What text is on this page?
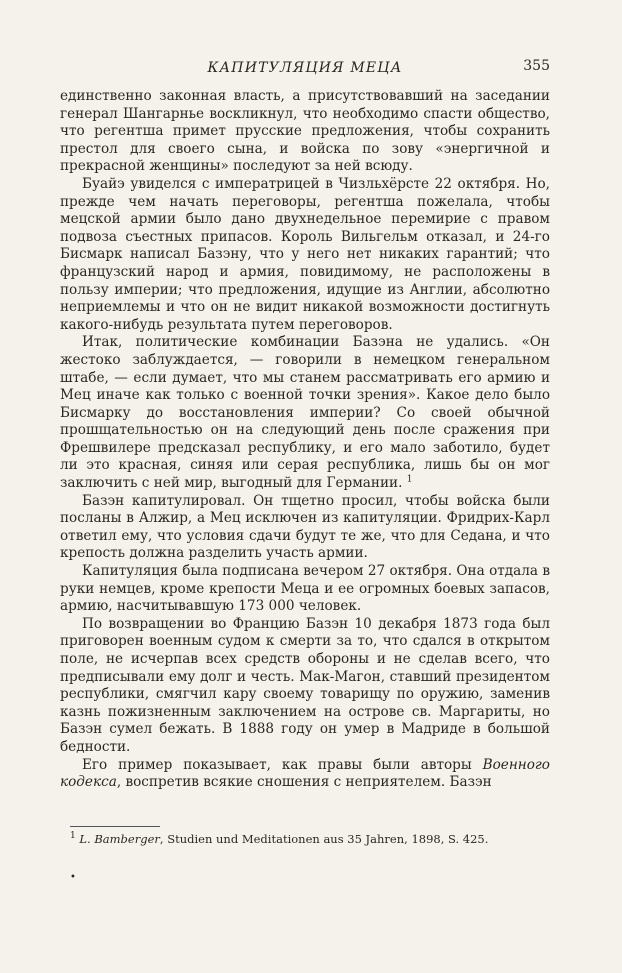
КАПИТУЛЯЦИЯ МЕЦА	355

единственно законная власть, а присутствовавший на заседании генерал Шангарнье воскликнул, что необходимо спасти общество, что регентша примет прусские предложения, чтобы сохранить престол для своего сына, и войска по зову «энергичной и прекрасной женщины» последуют за ней всюду.

Буайэ увиделся с императрицей в Чизльхёрсте 22 октября. Но, прежде чем начать переговоры, регентша пожелала, чтобы мецской армии было дано двухнедельное перемирие с правом подвоза съестных припасов. Король Вильгельм отказал, и 24-го Бисмарк написал Базэну, что у него нет никаких гарантий; что французский народ и армия, повидимому, не расположены в пользу империи; что предложения, идущие из Англии, абсолютно неприемлемы и что он не видит никакой возможности достигнуть какого-нибудь результата путем переговоров.

Итак, политические комбинации Базэна не удались. «Он жестоко заблуждается, — говорили в немецком генеральном штабе, — если думает, что мы станем рассматривать его армию и Мец иначе как только с военной точки зрения». Какое дело было Бисмарку до восстановления империи? Со своей обычной прошщательностью он на следующий день после сражения при Фрешвилере предсказал республику, и его мало заботило, будет ли это красная, синяя или серая республика, лишь бы он мог заключить с ней мир, выгодный для Германии. $^1$

Базэн капитулировал. Он тщетно просил, чтобы войска были посланы в Алжир, а Мец исключен из капитуляции. Фридрих-Карл ответил ему, что условия сдачи будут те же, что для Седана, и что крепость должна разделить участь армии.

Капитуляция была подписана вечером 27 октября. Она отдала в руки немцев, кроме крепости Меца и ее огромных боевых запасов, армию, насчитывавшую 173 000 человек.

По возвращении во Францию Базэн 10 декабря 1873 года был приговорен военным судом к смерти за то, что сдался в открытом поле, не исчерпав всех средств обороны и не сделав всего, что предписывали ему долг и честь. Мак-Магон, ставший президентом республики, смягчил кару своему товарищу по оружию, заменив казнь пожизненным заключением на острове св. Маргариты, но Базэн сумел бежать. В 1888 году он умер в Мадриде в большой бедности.

Его пример показывает, как правы были авторы Военного кодекса, воспретив всякие сношения с неприятелем. Базэн

$^1$ L. Bamberger, Studien und Meditationen aus 35 Jahren, 1898, S. 425.
•
